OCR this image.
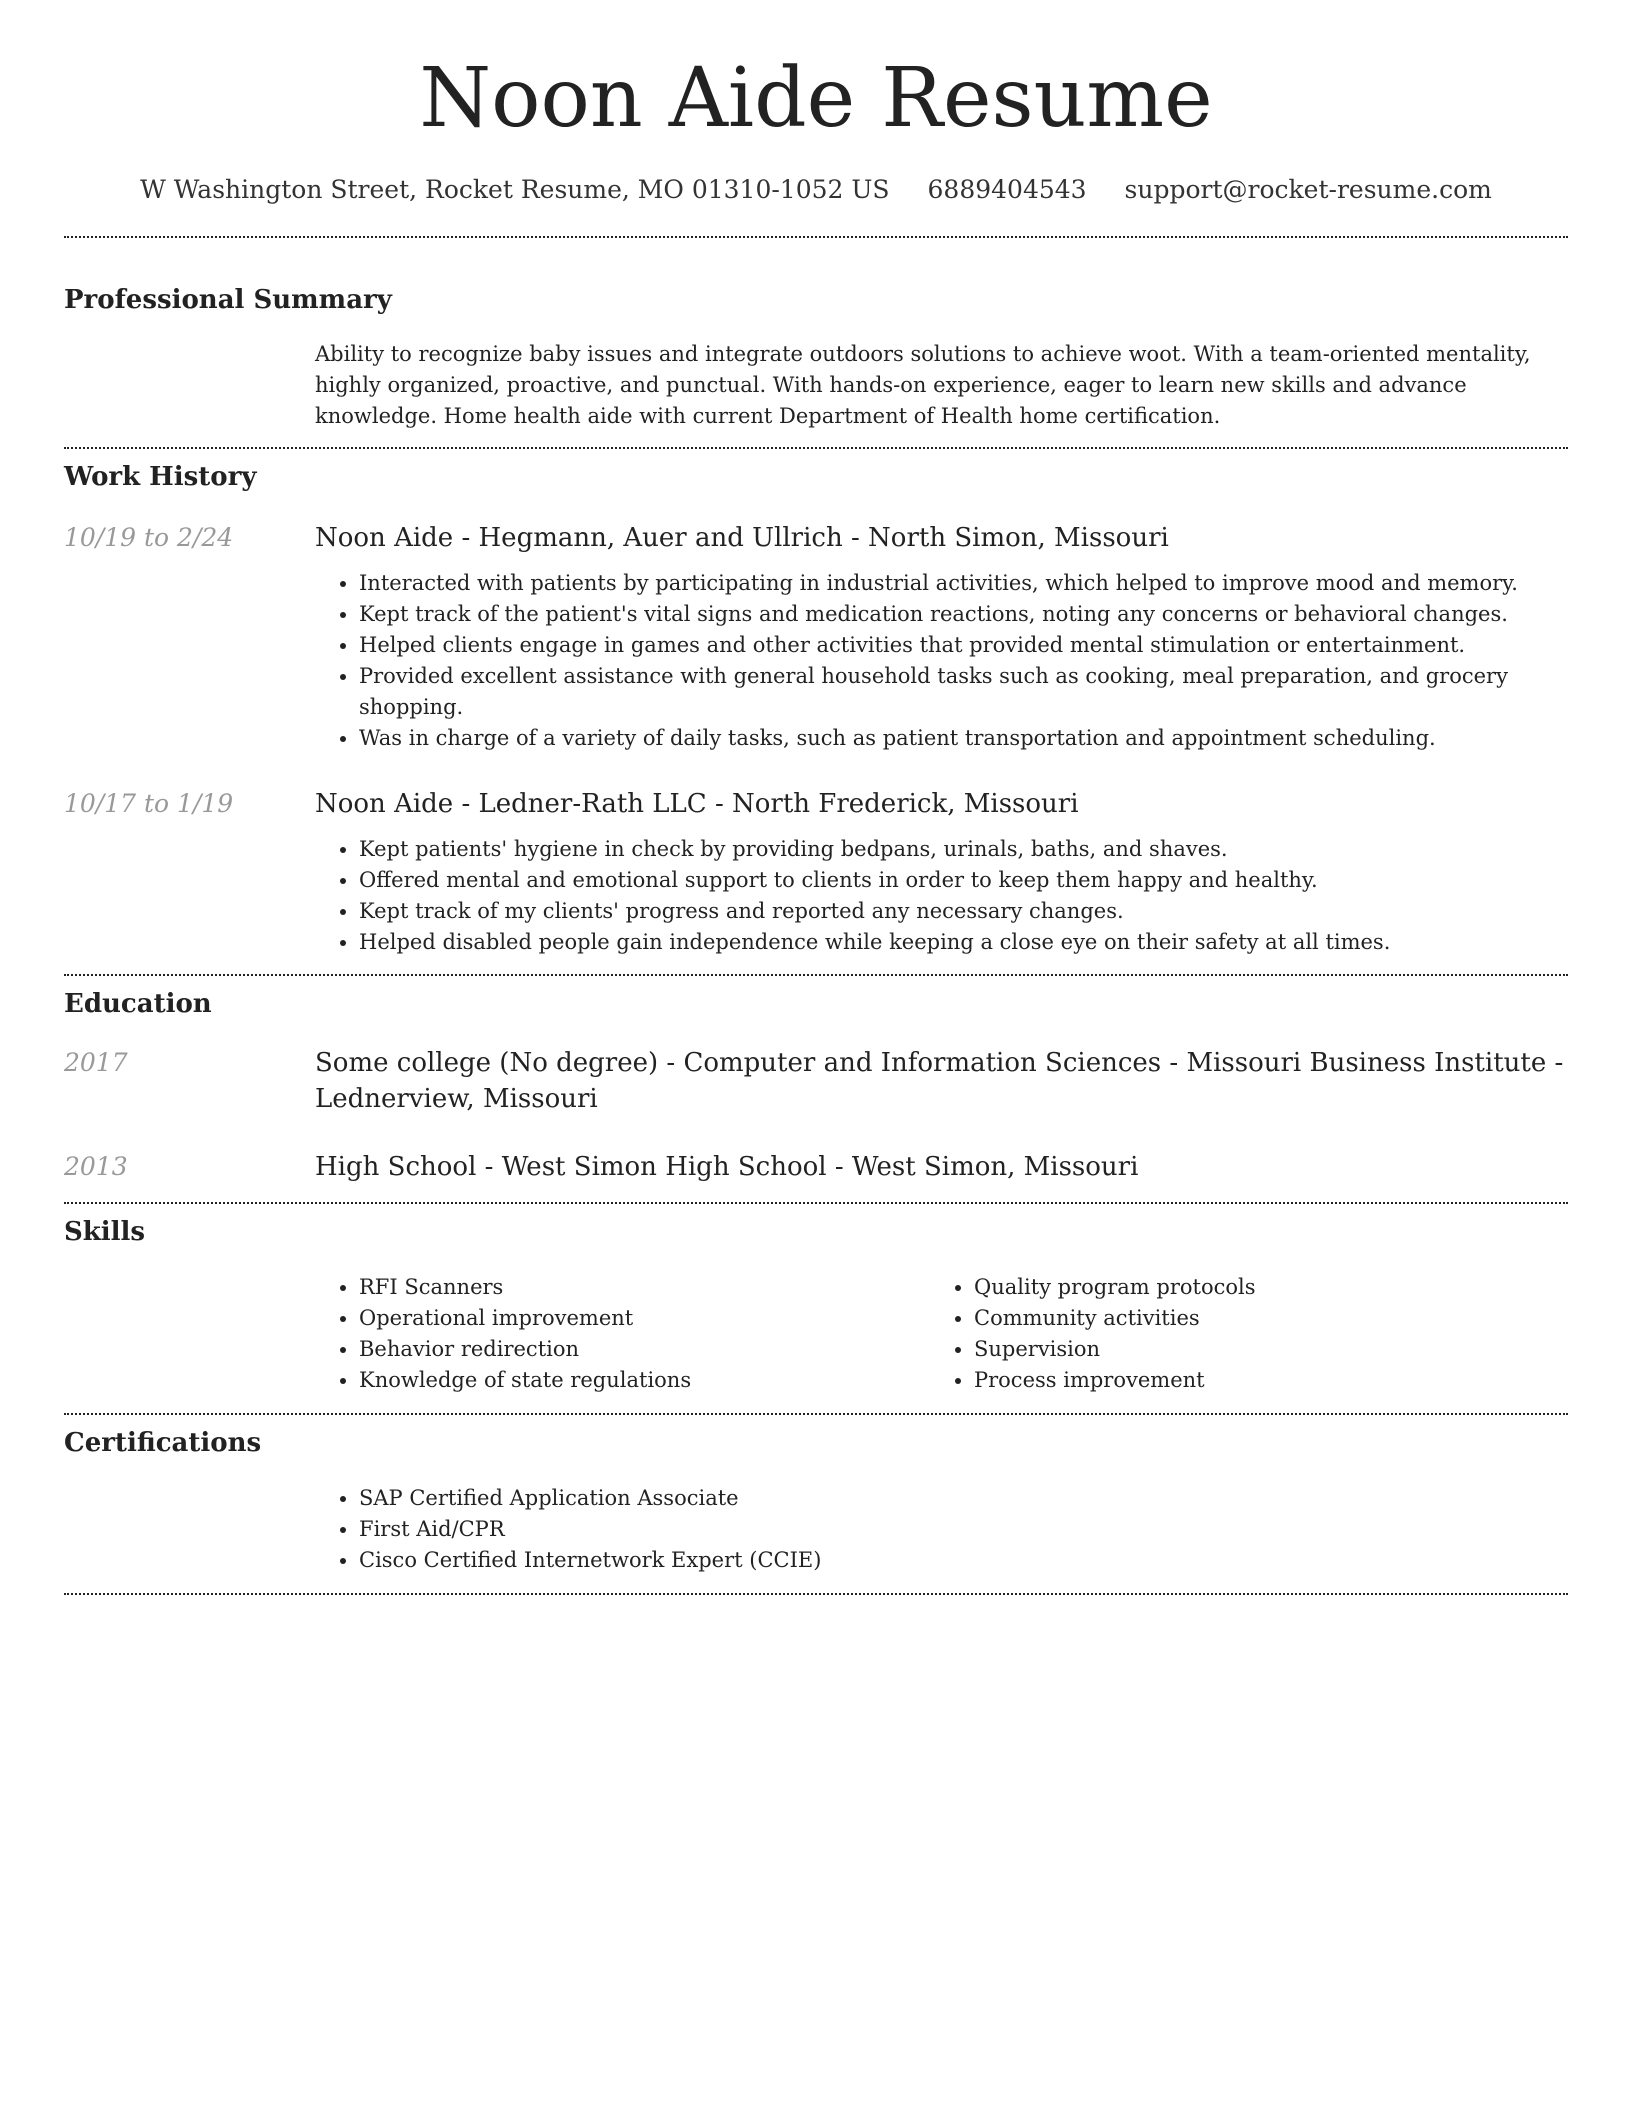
Noon Aide Resume
W Washington Street, Rocket Resume, MO 01310-1052 US 6889404543 support@rocket-resume.com
Professional Summary

Ability to recognize baby issues and integrate outdoors solutions to achieve woot. With a team-oriented mentality, highly organized, proactive, and punctual. With hands-on experience, eager to learn new skills and advance knowledge. Home health aide with current Department of Health home certification.

Work History
10/19 to 2/24	Noon Aide - Hegmann, Auer and Ullrich - North Simon, Missouri
• Interacted with patients by participating in industrial activities, which helped to improve mood and memory.
• Kept track of the patient's vital signs and medication reactions, noting any concerns or behavioral changes.
• Helped clients engage in games and other activities that provided mental stimulation or entertainment.
• Provided excellent assistance with general household tasks such as cooking, meal preparation, and grocery shopping.
• Was in charge of a variety of daily tasks, such as patient transportation and appointment scheduling.
10/17 to 1/19	Noon Aide - Ledner-Rath LLC - North Frederick, Missouri
• Kept patients' hygiene in check by providing bedpans, urinals, baths, and shaves.
• Offered mental and emotional support to clients in order to keep them happy and healthy.
• Kept track of my clients' progress and reported any necessary changes.
• Helped disabled people gain independence while keeping a close eye on their safety at all times.
Education
2017	Some college (No degree) - Computer and Information Sciences - Missouri Business Institute - Lednerview, Missouri
2013	High School - West Simon High School - West Simon, Missouri
Skills
• RFI Scanners
• Operational improvement
• Behavior redirection
• Knowledge of state regulations
• Quality program protocols
• Community activities
• Supervision
• Process improvement
Certifications
• SAP Certified Application Associate
• First Aid/CPR
• Cisco Certified Internetwork Expert (CCIE)
